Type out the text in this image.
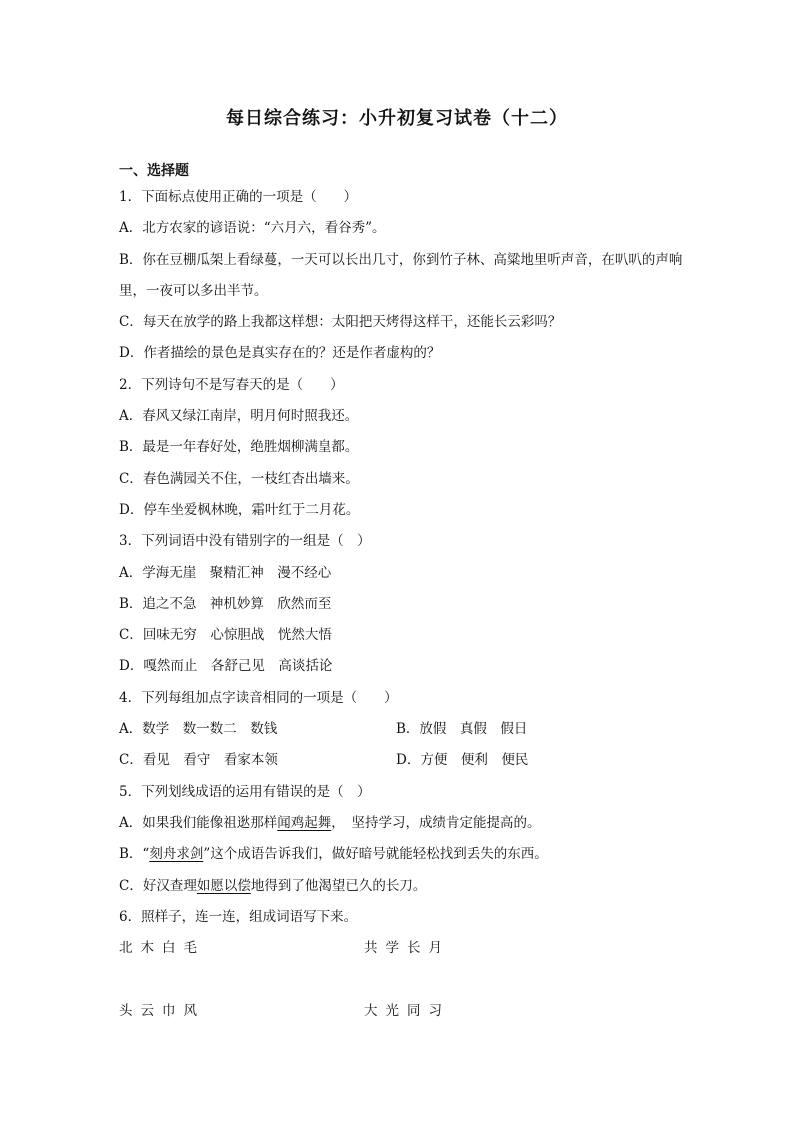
每日综合练习：小升初复习试卷（十二）
一、选择题
1．下面标点使用正确的一项是（　　）
A．北方农家的谚语说：“六月六，看谷秀”。
B．你在豆棚瓜架上看绿蔓，一天可以长出几寸，你到竹子林、高粱地里听声音，在叭叭的声响里，一夜可以多出半节。
C．每天在放学的路上我都这样想：太阳把天烤得这样干，还能长云彩吗？
D．作者描绘的景色是真实存在的？还是作者虚构的？
2．下列诗句不是写春天的是（　　）
A．春风又绿江南岸，明月何时照我还。
B．最是一年春好处，绝胜烟柳满皇都。
C．春色满园关不住，一枝红杏出墙来。
D．停车坐爱枫林晚，霜叶红于二月花。
3．下列词语中没有错别字的一组是（　）
A．学海无崖　聚精汇神　漫不经心
B．追之不急　神机妙算　欣然而至
C．回味无穷　心惊胆战　恍然大悟
D．嘎然而止　各舒己见　高谈括论
4．下列每组加点字读音相同的一项是（　　）
A．数学　数一数二　数钱	B．放假　真假　假日
C．看见　看守　看家本领	D．方便　便利　便民
5．下列划线成语的运用有错误的是（　）
A．如果我们能像祖逖那样闻鸡起舞，　坚持学习，成绩肯定能提高的。
B．“刻舟求剑”这个成语告诉我们，做好暗号就能轻松找到丢失的东西。
C．好汉查理如愿以偿地得到了他渴望已久的长刀。
6．照样子，连一连，组成词语写下来。
北木白毛	共学长月
头云巾风	大光同习
